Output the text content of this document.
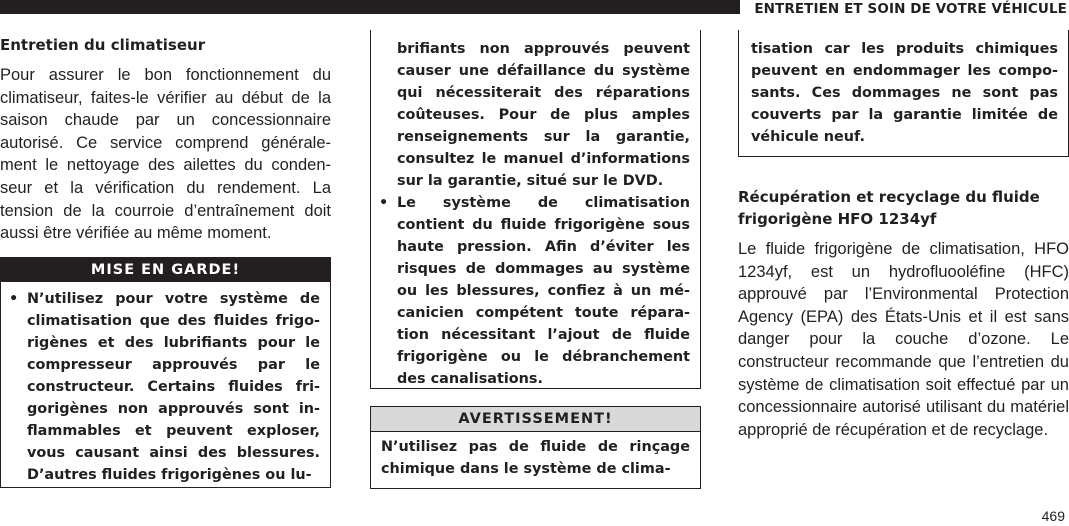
ENTRETIEN ET SOIN DE VOTRE VÉHICULE
Entretien du climatiseur

Pour assurer le bon fonctionnement du climatiseur, faites-le vérifier au début de la saison chaude par un concessionnaire autorisé. Ce service comprend générale-ment le nettoyage des ailettes du conden-seur et la vérification du rendement. La tension de la courroie d’entraînement doit aussi être vérifiée au même moment.

MISE EN GARDE!
• N’utilisez pour votre système de climatisation que des fluides frigo-rigènes et des lubrifiants pour le compresseur approuvés par le constructeur. Certains fluides fri-gorigènes non approuvés sont in-flammables et peuvent exploser, vous causant ainsi des blessures. D’autres fluides frigorigènes ou lu-

brifiants non approuvés peuvent causer une défaillance du système qui nécessiterait des réparations coûteuses. Pour de plus amples renseignements sur la garantie, consultez le manuel d’informations sur la garantie, situé sur le DVD.

• Le système de climatisation contient du fluide frigorigène sous haute pression. Afin d’éviter les risques de dommages au système ou les blessures, confiez à un mé-canicien compétent toute répara-tion nécessitant l’ajout de fluide frigorigène ou le débranchement des canalisations.

AVERTISSEMENT!

N’utilisez pas de fluide de rinçage chimique dans le système de clima-

tisation car les produits chimiques peuvent en endommager les compo-sants. Ces dommages ne sont pas couverts par la garantie limitée de véhicule neuf.

Récupération et recyclage du fluide frigorigène HFO 1234yf

Le fluide frigorigène de climatisation, HFO 1234yf, est un hydrofluooléfine (HFC) approuvé par l’Environmental Protection Agency (EPA) des États-Unis et il est sans danger pour la couche d’ozone. Le constructeur recommande que l’entretien du système de climatisation soit effectué par un concessionnaire autorisé utilisant du matériel approprié de récupération et de recyclage.

469
